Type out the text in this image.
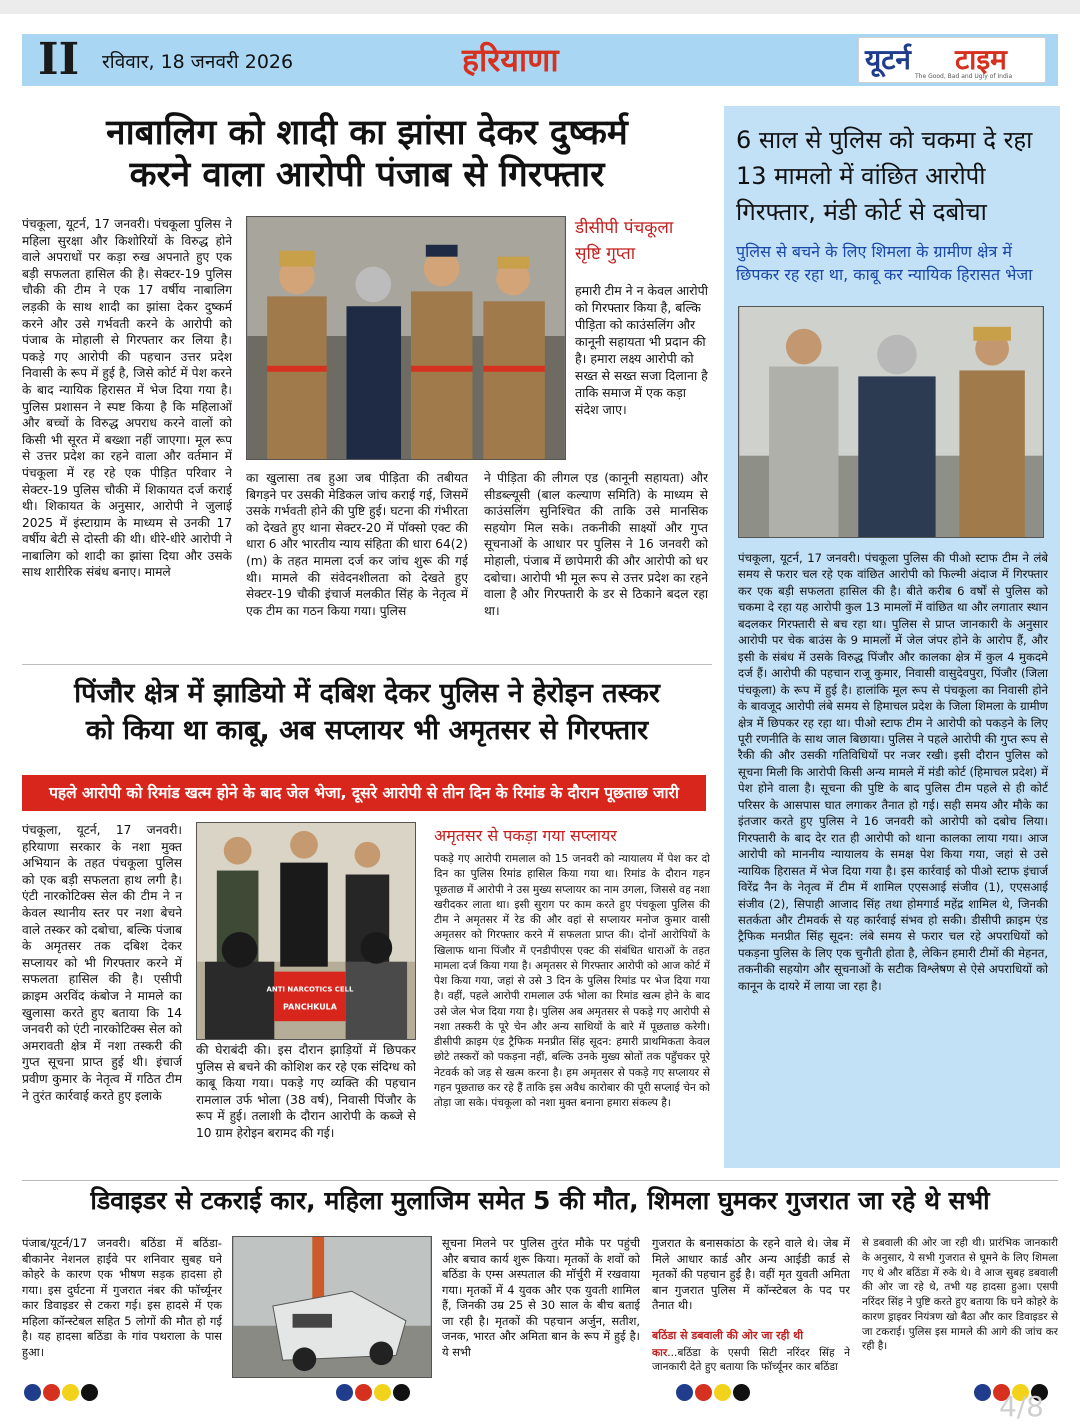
II रविवार, 18 जनवरी 2026	हरियाणा	यूटर्न टाइम
The Good, Bad and Ugly of India
नाबालिग को शादी का झांसा देकर दुष्कर्म
करने वाला आरोपी पंजाब से गिरफ्तार
पंचकूला, यूटर्न, 17 जनवरी। पंचकूला पुलिस ने महिला सुरक्षा और किशोरियों के विरुद्ध होने वाले अपराधों पर कड़ा रुख अपनाते हुए एक बड़ी सफलता हासिल की है। सेक्टर-19 पुलिस चौकी की टीम ने एक 17 वर्षीय नाबालिग लड़की के साथ शादी का झांसा देकर दुष्कर्म करने और उसे गर्भवती करने के आरोपी को पंजाब के मोहाली से गिरफ्तार कर लिया है। पकड़े गए आरोपी की पहचान उत्तर प्रदेश निवासी के रूप में हुई है, जिसे कोर्ट में पेश करने के बाद न्यायिक हिरासत में भेज दिया गया है। पुलिस प्रशासन ने स्पष्ट किया है कि महिलाओं और बच्चों के विरुद्ध अपराध करने वालों को किसी भी सूरत में बख्शा नहीं जाएगा। मूल रूप से उत्तर प्रदेश का रहने वाला और वर्तमान में पंचकूला में रह रहे एक पीड़ित परिवार ने सेक्टर-19 पुलिस चौकी में शिकायत दर्ज कराई थी। शिकायत के अनुसार, आरोपी ने जुलाई 2025 में इंस्टाग्राम के माध्यम से उनकी 17 वर्षीय बेटी से दोस्ती की थी। धीरे-धीरे आरोपी ने नाबालिग को शादी का झांसा दिया और उसके साथ शारीरिक संबंध बनाए। मामले
डीसीपी पंचकूला
सृष्टि गुप्ता
हमारी टीम ने न केवल आरोपी को गिरफ्तार किया है, बल्कि पीड़िता को काउंसलिंग और कानूनी सहायता भी प्रदान की है। हमारा लक्ष्य आरोपी को सख्त से सख्त सजा दिलाना है ताकि समाज में एक कड़ा संदेश जाए।
का खुलासा तब हुआ जब पीड़िता की तबीयत बिगड़ने पर उसकी मेडिकल जांच कराई गई, जिसमें उसके गर्भवती होने की पुष्टि हुई। घटना की गंभीरता को देखते हुए थाना सेक्टर-20 में पॉक्सो एक्ट की धारा 6 और भारतीय न्याय संहिता की धारा 64(2)(m) के तहत मामला दर्ज कर जांच शुरू की गई थी। मामले की संवेदनशीलता को देखते हुए सेक्टर-19 चौकी इंचार्ज मलकीत सिंह के नेतृत्व में एक टीम का गठन किया गया। पुलिस
ने पीड़िता की लीगल एड (कानूनी सहायता) और सीडब्ल्यूसी (बाल कल्याण समिति) के माध्यम से काउंसलिंग सुनिश्चित की ताकि उसे मानसिक सहयोग मिल सके। तकनीकी साक्ष्यों और गुप्त सूचनाओं के आधार पर पुलिस ने 16 जनवरी को मोहाली, पंजाब में छापेमारी की और आरोपी को धर दबोचा। आरोपी भी मूल रूप से उत्तर प्रदेश का रहने वाला है और गिरफ्तारी के डर से ठिकाने बदल रहा था।
पिंजौर क्षेत्र में झाडियो में दबिश देकर पुलिस ने हेरोइन तस्कर
को किया था काबू, अब सप्लायर भी अमृतसर से गिरफ्तार
पहले आरोपी को रिमांड खत्म होने के बाद जेल भेजा, दूसरे आरोपी से तीन दिन के रिमांड के दौरान पूछताछ जारी
पंचकूला, यूटर्न, 17 जनवरी। हरियाणा सरकार के नशा मुक्त अभियान के तहत पंचकूला पुलिस को एक बड़ी सफलता हाथ लगी है। एंटी नारकोटिक्स सेल की टीम ने न केवल स्थानीय स्तर पर नशा बेचने वाले तस्कर को दबोचा, बल्कि पंजाब के अमृतसर तक दबिश देकर सप्लायर को भी गिरफ्तार करने में सफलता हासिल की है। एसीपी क्राइम अरविंद कंबोज ने मामले का खुलासा करते हुए बताया कि 14 जनवरी को एंटी नारकोटिक्स सेल को अमरावती क्षेत्र में नशा तस्करी की गुप्त सूचना प्राप्त हुई थी। इंचार्ज प्रवीण कुमार के नेतृत्व में गठित टीम ने तुरंत कार्रवाई करते हुए इलाके
ANTI NARCOTICS CELL
PANCHKULA
की घेराबंदी की। इस दौरान झाड़ियों में छिपकर पुलिस से बचने की कोशिश कर रहे एक संदिग्ध को काबू किया गया। पकड़े गए व्यक्ति की पहचान रामलाल उर्फ भोला (38 वर्ष), निवासी पिंजौर के रूप में हुई। तलाशी के दौरान आरोपी के कब्जे से 10 ग्राम हेरोइन बरामद की गई।
अमृतसर से पकड़ा गया सप्लायर
पकड़े गए आरोपी रामलाल को 15 जनवरी को न्यायालय में पेश कर दो दिन का पुलिस रिमांड हासिल किया गया था। रिमांड के दौरान गहन पूछताछ में आरोपी ने उस मुख्य सप्लायर का नाम उगला, जिससे वह नशा खरीदकर लाता था। इसी सुराग पर काम करते हुए पंचकूला पुलिस की टीम ने अमृतसर में रेड की और वहां से सप्लायर मनोज कुमार वासी अमृतसर को गिरफ्तार करने में सफलता प्राप्त की। दोनों आरोपियों के खिलाफ थाना पिंजौर में एनडीपीएस एक्ट की संबंधित धाराओं के तहत मामला दर्ज किया गया है। अमृतसर से गिरफ्तार आरोपी को आज कोर्ट में पेश किया गया, जहां से उसे 3 दिन के पुलिस रिमांड पर भेज दिया गया है। वहीं, पहले आरोपी रामलाल उर्फ भोला का रिमांड खत्म होने के बाद उसे जेल भेज दिया गया है। पुलिस अब अमृतसर से पकड़े गए आरोपी से नशा तस्करी के पूरे चेन और अन्य साथियों के बारे में पूछताछ करेगी। डीसीपी क्राइम एंड ट्रैफिक मनप्रीत सिंह सूदन: हमारी प्राथमिकता केवल छोटे तस्करों को पकड़ना नहीं, बल्कि उनके मुख्य स्रोतों तक पहुँचकर पूरे नेटवर्क को जड़ से खत्म करना है। हम अमृतसर से पकड़े गए सप्लायर से गहन पूछताछ कर रहे हैं ताकि इस अवैध कारोबार की पूरी सप्लाई चेन को तोड़ा जा सके। पंचकूला को नशा मुक्त बनाना हमारा संकल्प है।
6 साल से पुलिस को चकमा दे रहा
13 मामलो में वांछित आरोपी
गिरफ्तार, मंडी कोर्ट से दबोचा
पुलिस से बचने के लिए शिमला के ग्रामीण क्षेत्र में
छिपकर रह रहा था, काबू कर न्यायिक हिरासत भेजा
पंचकूला, यूटर्न, 17 जनवरी। पंचकूला पुलिस की पीओ स्टाफ टीम ने लंबे समय से फरार चल रहे एक वांछित आरोपी को फिल्मी अंदाज में गिरफ्तार कर एक बड़ी सफलता हासिल की है। बीते करीब 6 वर्षों से पुलिस को चकमा दे रहा यह आरोपी कुल 13 मामलों में वांछित था और लगातार स्थान बदलकर गिरफ्तारी से बच रहा था। पुलिस से प्राप्त जानकारी के अनुसार आरोपी पर चेक बाउंस के 9 मामलों में जेल जंपर होने के आरोप हैं, और इसी के संबंध में उसके विरुद्ध पिंजौर और कालका क्षेत्र में कुल 4 मुकदमे दर्ज हैं। आरोपी की पहचान राजू कुमार, निवासी वासुदेवपुरा, पिंजौर (जिला पंचकूला) के रूप में हुई है। हालांकि मूल रूप से पंचकूला का निवासी होने के बावजूद आरोपी लंबे समय से हिमाचल प्रदेश के जिला शिमला के ग्रामीण क्षेत्र में छिपकर रह रहा था। पीओ स्टाफ टीम ने आरोपी को पकड़ने के लिए पूरी रणनीति के साथ जाल बिछाया। पुलिस ने पहले आरोपी की गुप्त रूप से रैकी की और उसकी गतिविधियों पर नजर रखी। इसी दौरान पुलिस को सूचना मिली कि आरोपी किसी अन्य मामले में मंडी कोर्ट (हिमाचल प्रदेश) में पेश होने वाला है। सूचना की पुष्टि के बाद पुलिस टीम पहले से ही कोर्ट परिसर के आसपास घात लगाकर तैनात हो गई। सही समय और मौके का इंतजार करते हुए पुलिस ने 16 जनवरी को आरोपी को दबोच लिया। गिरफ्तारी के बाद देर रात ही आरोपी को थाना कालका लाया गया। आज आरोपी को माननीय न्यायालय के समक्ष पेश किया गया, जहां से उसे न्यायिक हिरासत में भेज दिया गया है। इस कार्रवाई को पीओ स्टाफ इंचार्ज विरेंद्र नैन के नेतृत्व में टीम में शामिल एएसआई संजीव (1), एएसआई संजीव (2), सिपाही आजाद सिंह तथा होमगार्ड महेंद्र शामिल थे, जिनकी सतर्कता और टीमवर्क से यह कार्रवाई संभव हो सकी। डीसीपी क्राइम एंड ट्रैफिक मनप्रीत सिंह सूदन: लंबे समय से फरार चल रहे अपराधियों को पकड़ना पुलिस के लिए एक चुनौती होता है, लेकिन हमारी टीमों की मेहनत, तकनीकी सहयोग और सूचनाओं के सटीक विश्लेषण से ऐसे अपराधियों को कानून के दायरे में लाया जा रहा है।
डिवाइडर से टकराई कार, महिला मुलाजिम समेत 5 की मौत, शिमला घुमकर गुजरात जा रहे थे सभी
पंजाब/यूटर्न/17 जनवरी। बठिंडा में बठिंडा-बीकानेर नेशनल हाईवे पर शनिवार सुबह घने कोहरे के कारण एक भीषण सड़क हादसा हो गया। इस दुर्घटना में गुजरात नंबर की फॉर्च्यूनर कार डिवाइडर से टकरा गई। इस हादसे में एक महिला कॉन्स्टेबल सहित 5 लोगों की मौत हो गई है। यह हादसा बठिंडा के गांव पथराला के पास हुआ।
सूचना मिलने पर पुलिस तुरंत मौके पर पहुंची और बचाव कार्य शुरू किया। मृतकों के शवों को बठिंडा के एम्स अस्पताल की मॉर्चुरी में रखवाया गया। मृतकों में 4 युवक और एक युवती शामिल हैं, जिनकी उम्र 25 से 30 साल के बीच बताई जा रही है। मृतकों की पहचान अर्जुन, सतीश, जनक, भारत और अमिता बान के रूप में हुई है। ये सभी
गुजरात के बनासकांठा के रहने वाले थे। जेब में मिले आधार कार्ड और अन्य आईडी कार्ड से मृतकों की पहचान हुई है। वहीं मृत युवती अमिता बान गुजरात पुलिस में कॉन्स्टेबल के पद पर तैनात थी।
बठिंडा से डबवाली की ओर जा रही थी
कार...बठिंडा के एसपी सिटी नरिंदर सिंह ने जानकारी देते हुए बताया कि फॉर्च्यूनर कार बठिंडा
से डबवाली की ओर जा रही थी। प्रारंभिक जानकारी के अनुसार, ये सभी गुजरात से घूमने के लिए शिमला गए थे और बठिंडा में रुके थे। वे आज सुबह डबवाली की ओर जा रहे थे, तभी यह हादसा हुआ। एसपी नरिंदर सिंह ने पुष्टि करते हुए बताया कि घने कोहरे के कारण ड्राइवर नियंत्रण खो बैठा और कार डिवाइडर से जा टकराई। पुलिस इस मामले की आगे की जांच कर रही है।
4/8
